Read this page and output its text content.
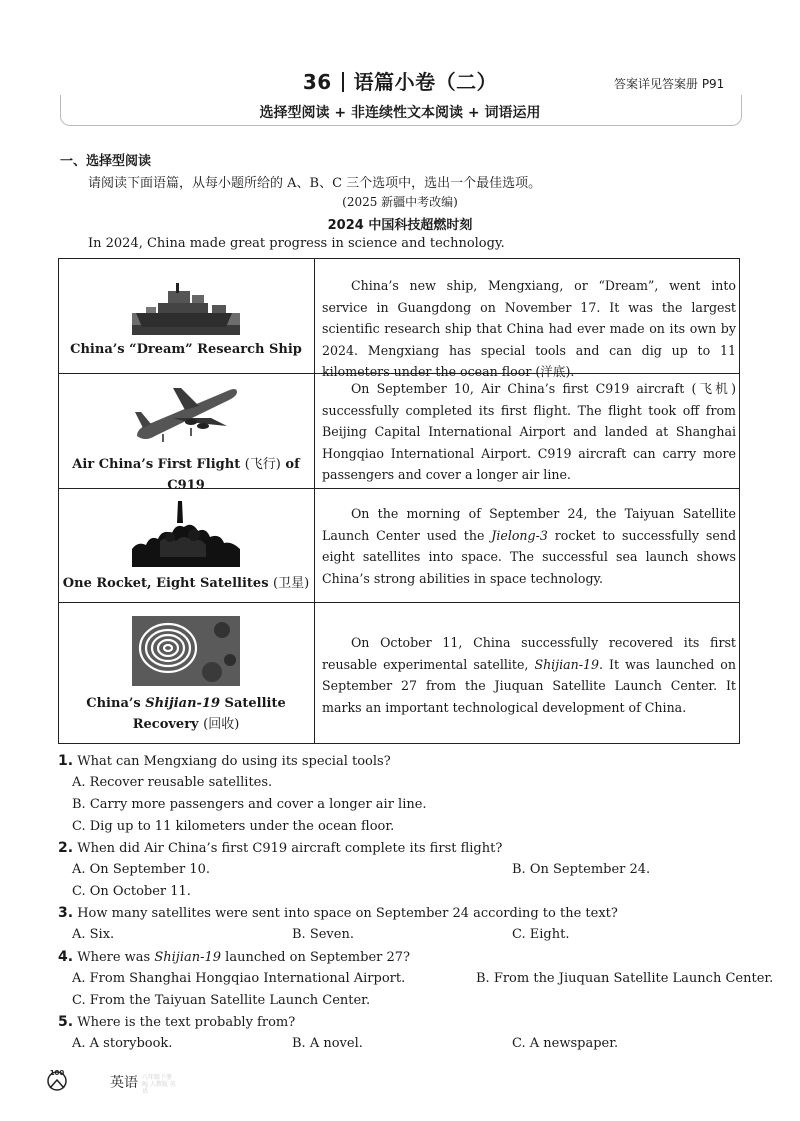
36 语篇小卷（二）	答案详见答案册 P91
选择型阅读 + 非连续性文本阅读 + 词语运用
一、选择型阅读
请阅读下面语篇，从每小题所给的 A、B、C 三个选项中，选出一个最佳选项。
(2025 新疆中考改编)
2024 中国科技超燃时刻
In 2024, China made great progress in science and technology.
China’s “Dream” Research Ship
China’s new ship, Mengxiang, or “Dream”, went into service in Guangdong on November 17. It was the largest scientific research ship that China had ever made on its own by 2024. Mengxiang has special tools and can dig up to 11 kilometers under the ocean floor (洋底).
Air China’s First Flight (飞行) of C919
On September 10, Air China’s first C919 aircraft (飞机) successfully completed its first flight. The flight took off from Beijing Capital International Airport and landed at Shanghai Hongqiao International Airport. C919 aircraft can carry more passengers and cover a longer air line.
One Rocket, Eight Satellites (卫星)
On the morning of September 24, the Taiyuan Satellite Launch Center used the Jielong-3 rocket to successfully send eight satellites into space. The successful sea launch shows China’s strong abilities in space technology.
China’s Shijian-19 Satellite
Recovery (回收)
On October 11, China successfully recovered its first reusable experimental satellite, Shijian-19. It was launched on September 27 from the Jiuquan Satellite Launch Center. It marks an important technological development of China.
1. What can Mengxiang do using its special tools?
A. Recover reusable satellites.
B. Carry more passengers and cover a longer air line.
C. Dig up to 11 kilometers under the ocean floor.
2. When did Air China’s first C919 aircraft complete its first flight?
A. On September 10.	B. On September 24.
C. On October 11.
3. How many satellites were sent into space on September 24 according to the text?
A. Six.	B. Seven.	C. Eight.
4. Where was Shijian-19 launched on September 27?
A. From Shanghai Hongqiao International Airport.	B. From the Jiuquan Satellite Launch Center.
C. From the Taiyuan Satellite Launch Center.
5. Where is the text probably from?
A. A storybook.	B. A novel.	C. A newspaper.
100
英语 八年级下册 RJ 人教版 英语
